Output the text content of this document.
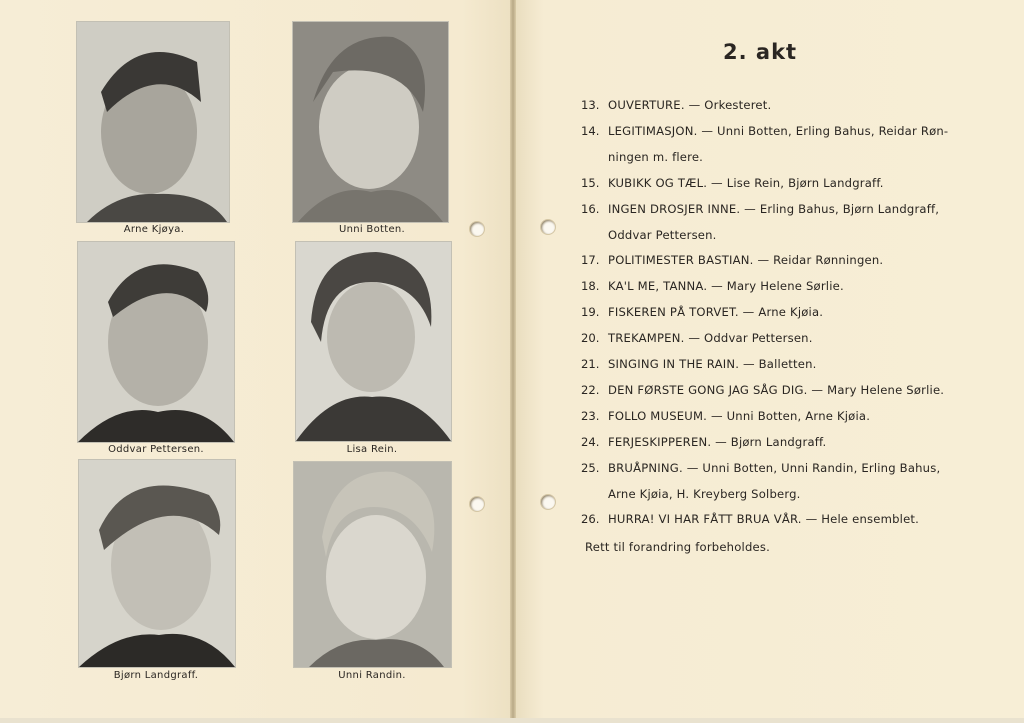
Arne Kjøya.	Unni Botten.
Oddvar Pettersen.	Lisa Rein.
Bjørn Landgraff.	Unni Randin.
2. akt
13. OUVERTURE. — Orkesteret.
14. LEGITIMASJON. — Unni Botten, Erling Bahus, Reidar Røn-
ningen m. flere.
15. KUBIKK OG TÆL. — Lise Rein, Bjørn Landgraff.
16. INGEN DROSJER INNE. — Erling Bahus, Bjørn Landgraff,
Oddvar Pettersen.
17. POLITIMESTER BASTIAN. — Reidar Rønningen.
18. KA'L ME, TANNA. — Mary Helene Sørlie.
19. FISKEREN PÅ TORVET. — Arne Kjøia.
20. TREKAMPEN. — Oddvar Pettersen.
21. SINGING IN THE RAIN. — Balletten.
22. DEN FØRSTE GONG JAG SÅG DIG. — Mary Helene Sørlie.
23. FOLLO MUSEUM. — Unni Botten, Arne Kjøia.
24. FERJESKIPPEREN. — Bjørn Landgraff.
25. BRUÅPNING. — Unni Botten, Unni Randin, Erling Bahus,
Arne Kjøia, H. Kreyberg Solberg.
26. HURRA! VI HAR FÅTT BRUA VÅR. — Hele ensemblet.
Rett til forandring forbeholdes.
